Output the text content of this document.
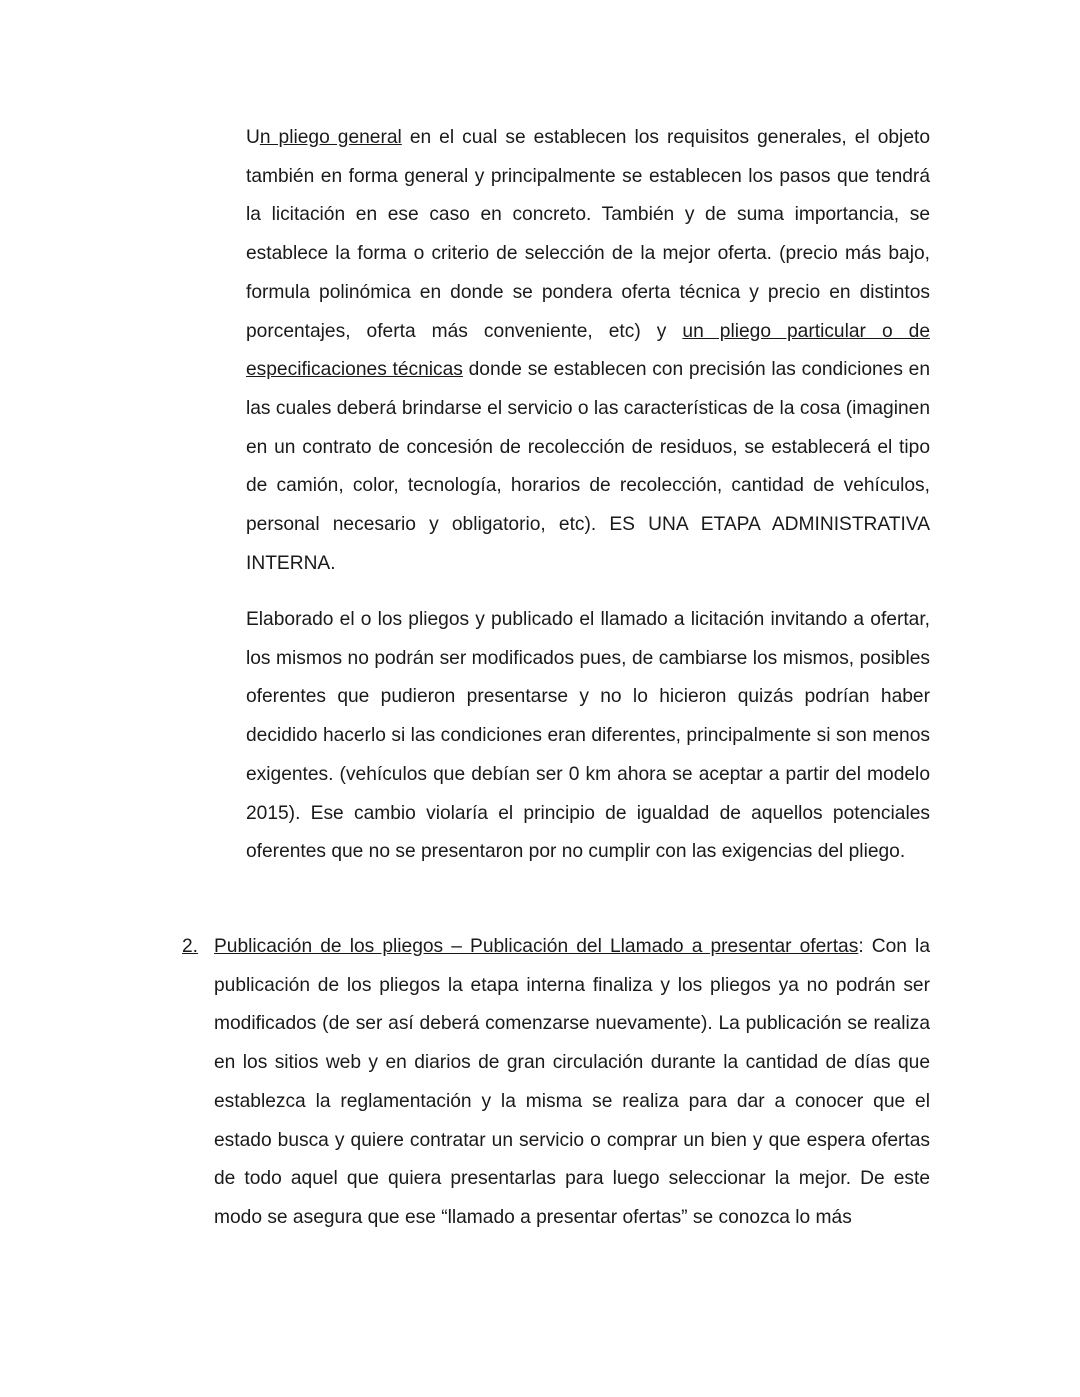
Un pliego general en el cual se establecen los requisitos generales, el objeto también en forma general y principalmente se establecen los pasos que tendrá la licitación en ese caso en concreto. También y de suma importancia, se establece la forma o criterio de selección de la mejor oferta. (precio más bajo, formula polinómica en donde se pondera oferta técnica y precio en distintos porcentajes, oferta más conveniente, etc) y un pliego particular o de especificaciones técnicas donde se establecen con precisión las condiciones en las cuales deberá brindarse el servicio o las características de la cosa (imaginen en un contrato de concesión de recolección de residuos, se establecerá el tipo de camión, color, tecnología, horarios de recolección, cantidad de vehículos, personal necesario y obligatorio, etc). ES UNA ETAPA ADMINISTRATIVA INTERNA.

Elaborado el o los pliegos y publicado el llamado a licitación invitando a ofertar, los mismos no podrán ser modificados pues, de cambiarse los mismos, posibles oferentes que pudieron presentarse y no lo hicieron quizás podrían haber decidido hacerlo si las condiciones eran diferentes, principalmente si son menos exigentes. (vehículos que debían ser 0 km ahora se aceptar a partir del modelo 2015). Ese cambio violaría el principio de igualdad de aquellos potenciales oferentes que no se presentaron por no cumplir con las exigencias del pliego.

2. Publicación de los pliegos – Publicación del Llamado a presentar ofertas: Con la publicación de los pliegos la etapa interna finaliza y los pliegos ya no podrán ser modificados (de ser así deberá comenzarse nuevamente). La publicación se realiza en los sitios web y en diarios de gran circulación durante la cantidad de días que establezca la reglamentación y la misma se realiza para dar a conocer que el estado busca y quiere contratar un servicio o comprar un bien y que espera ofertas de todo aquel que quiera presentarlas para luego seleccionar la mejor. De este modo se asegura que ese “llamado a presentar ofertas” se conozca lo más
